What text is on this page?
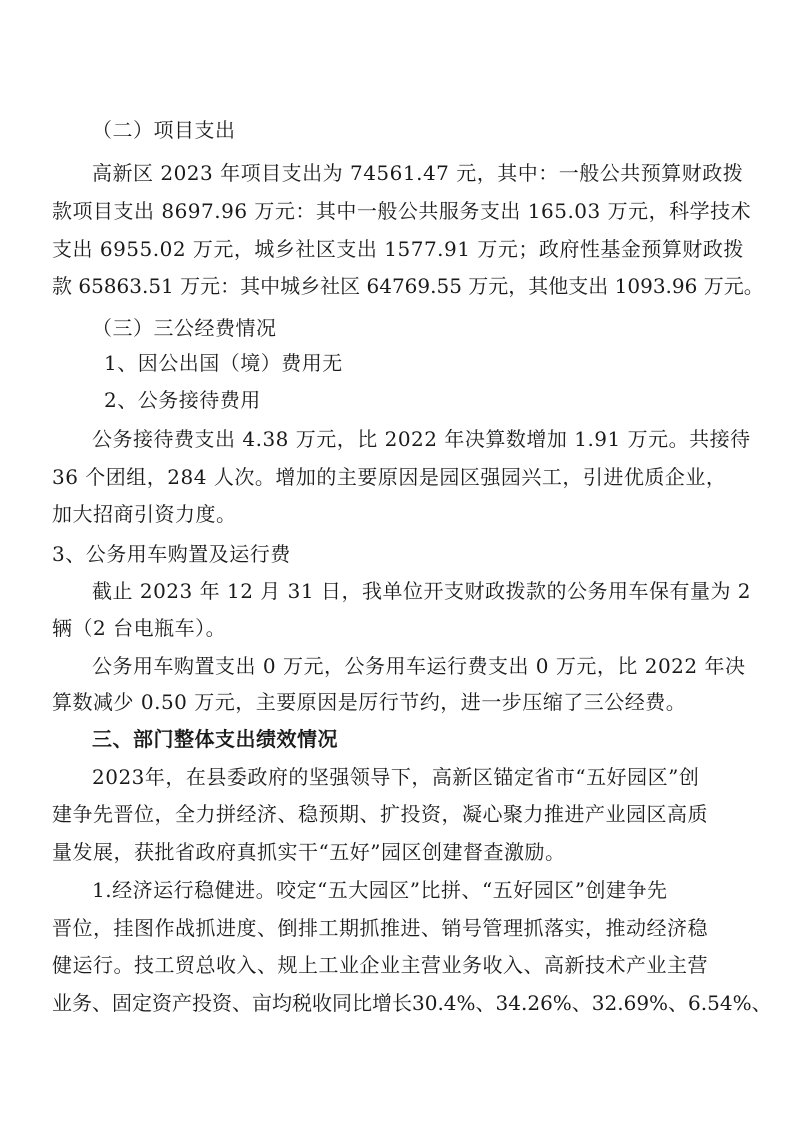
（二）项目支出

高新区 2023 年项目支出为 74561.47 元，其中：一般公共预算财政拨

款项目支出 8697.96 万元：其中一般公共服务支出 165.03 万元，科学技术

支出 6955.02 万元，城乡社区支出 1577.91 万元；政府性基金预算财政拨

款 65863.51 万元：其中城乡社区 64769.55 万元，其他支出 1093.96 万元。

（三）三公经费情况

1、因公出国（境）费用无

2、公务接待费用

公务接待费支出 4.38 万元，比 2022 年决算数增加 1.91 万元。共接待

36 个团组，284 人次。增加的主要原因是园区强园兴工，引进优质企业，

加大招商引资力度。

3、公务用车购置及运行费

截止 2023 年 12 月 31 日，我单位开支财政拨款的公务用车保有量为 2

辆（2 台电瓶车）。

公务用车购置支出 0 万元，公务用车运行费支出 0 万元，比 2022 年决

算数减少 0.50 万元，主要原因是厉行节约，进一步压缩了三公经费。

三、部门整体支出绩效情况

2023年，在县委政府的坚强领导下，高新区锚定省市“五好园区”创

建争先晋位，全力拼经济、稳预期、扩投资，凝心聚力推进产业园区高质

量发展，获批省政府真抓实干“五好”园区创建督查激励。

1.经济运行稳健进。咬定“五大园区”比拼、“五好园区”创建争先

晋位，挂图作战抓进度、倒排工期抓推进、销号管理抓落实，推动经济稳

健运行。技工贸总收入、规上工业企业主营业务收入、高新技术产业主营

业务、固定资产投资、亩均税收同比增长30.4%、34.26%、32.69%、6.54%、
